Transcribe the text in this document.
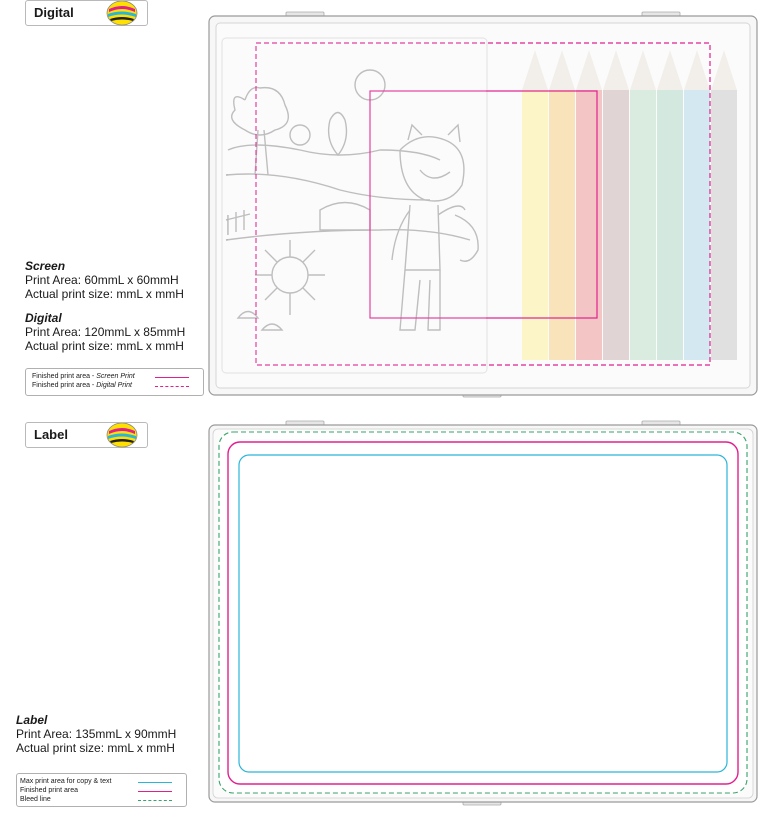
Digital
Label
Screen
Print Area: 60mmL x 60mmH
Actual print size: mmL x mmH
Digital
Print Area: 120mmL x 85mmH
Actual print size: mmL x mmH
Finished print area - Screen Print
Finished print area - Digital Print
Label
Print Area: 135mmL x 90mmH
Actual print size: mmL x mmH
Max print area for copy & text
Finished print area
Bleed line
